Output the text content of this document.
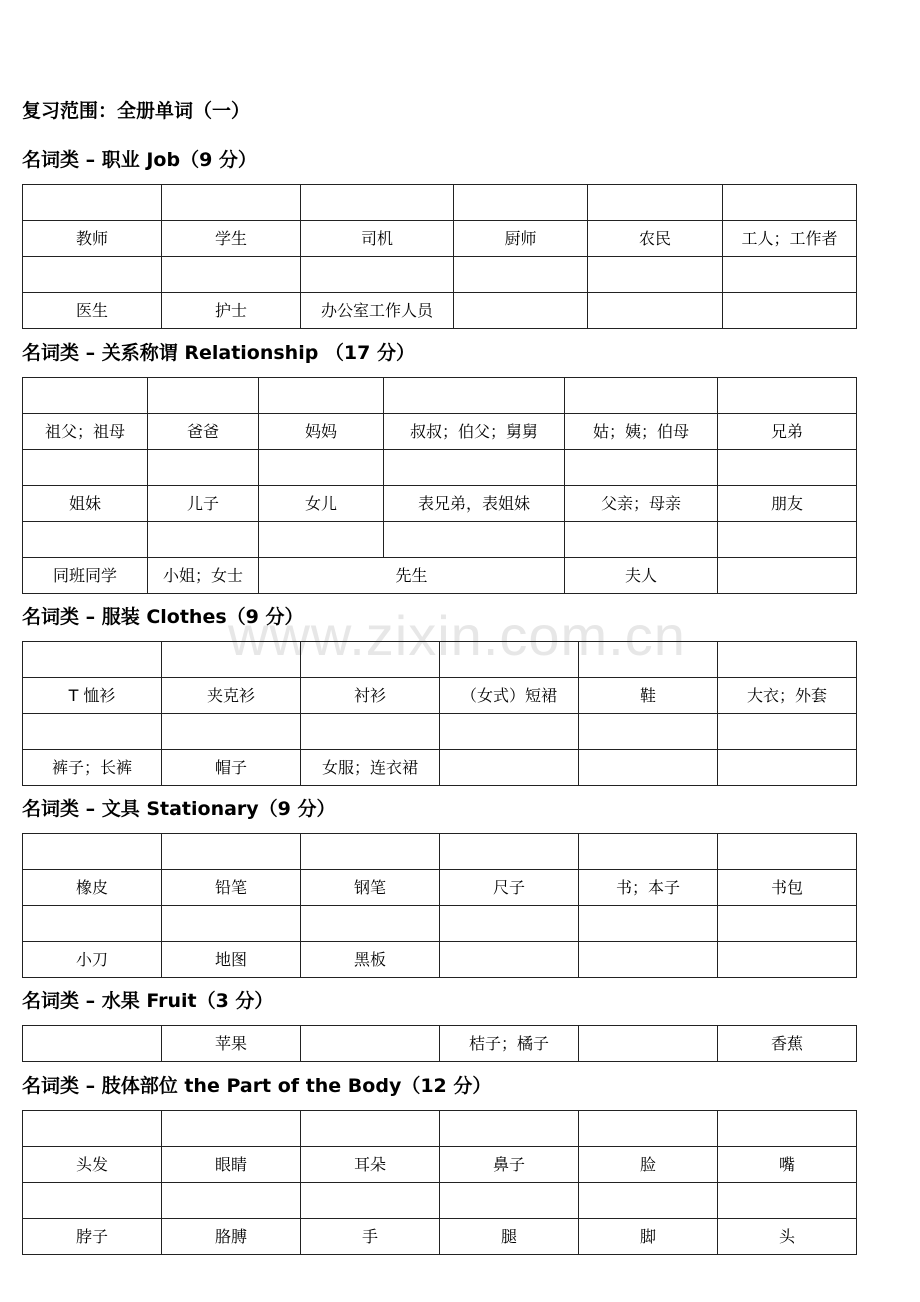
复习范围：全册单词（一）
名词类 – 职业 Job（9 分）

教师	学生	司机	厨师	农民	工人；工作者

医生	护士	办公室工作人员			
名词类 – 关系称谓 Relationship （17 分）

祖父；祖母	爸爸	妈妈	叔叔；伯父；舅舅	姑；姨；伯母	兄弟

姐妹	儿子	女儿	表兄弟，表姐妹	父亲；母亲	朋友

同班同学	小姐；女士	先生		夫人	
www.zixin.com.cn
名词类 – 服装 Clothes（9 分）

T 恤衫	夹克衫	衬衫	（女式）短裙	鞋	大衣；外套

裤子；长裤	帽子	女服；连衣裙			
名词类 – 文具 Stationary（9 分）

橡皮	铅笔	钢笔	尺子	书；本子	书包

小刀	地图	黑板			
名词类 – 水果 Fruit（3 分）
	苹果		桔子；橘子		香蕉
名词类 – 肢体部位 the Part of the Body（12 分）

头发	眼睛	耳朵	鼻子	脸	嘴

脖子	胳膊	手	腿	脚	头
